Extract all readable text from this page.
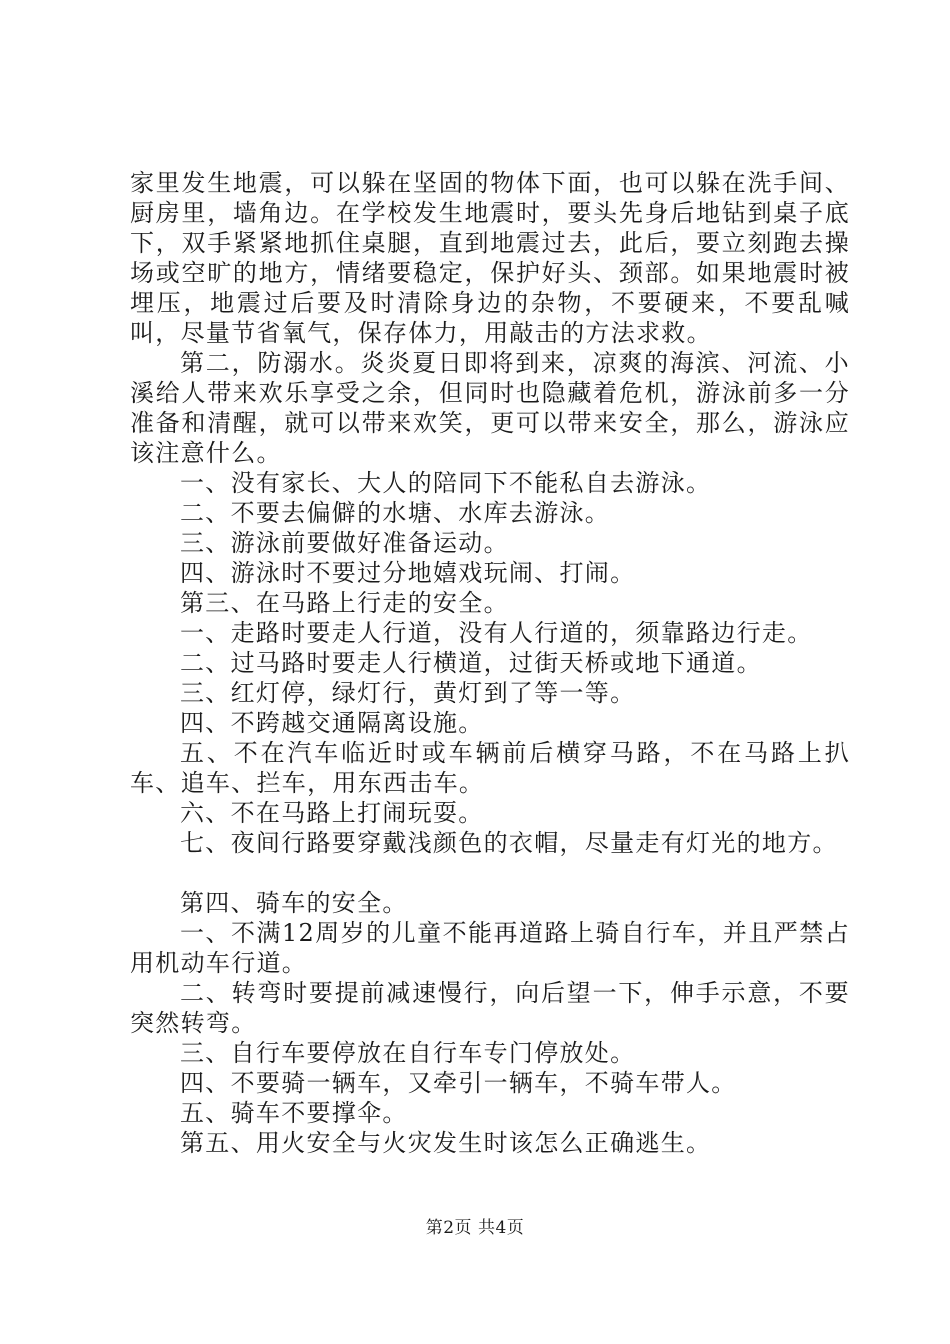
家里发生地震，可以躲在坚固的物体下面，也可以躲在洗手间、厨房里，墙角边。在学校发生地震时，要头先身后地钻到桌子底下，双手紧紧地抓住桌腿，直到地震过去，此后，要立刻跑去操场或空旷的地方，情绪要稳定，保护好头、颈部。如果地震时被埋压，地震过后要及时清除身边的杂物，不要硬来，不要乱喊叫，尽量节省氧气，保存体力，用敲击的方法求救。

第二，防溺水。炎炎夏日即将到来，凉爽的海滨、河流、小溪给人带来欢乐享受之余，但同时也隐藏着危机，游泳前多一分准备和清醒，就可以带来欢笑，更可以带来安全，那么，游泳应该注意什么。

一、没有家长、大人的陪同下不能私自去游泳。

二、不要去偏僻的水塘、水库去游泳。

三、游泳前要做好准备运动。

四、游泳时不要过分地嬉戏玩闹、打闹。

第三、在马路上行走的安全。

一、走路时要走人行道，没有人行道的，须靠路边行走。

二、过马路时要走人行横道，过街天桥或地下通道。

三、红灯停，绿灯行，黄灯到了等一等。

四、不跨越交通隔离设施。

五、不在汽车临近时或车辆前后横穿马路，不在马路上扒车、追车、拦车，用东西击车。

六、不在马路上打闹玩耍。

七、夜间行路要穿戴浅颜色的衣帽，尽量走有灯光的地方。

第四、骑车的安全。

一、不满12周岁的儿童不能再道路上骑自行车，并且严禁占用机动车行道。

二、转弯时要提前减速慢行，向后望一下，伸手示意，不要突然转弯。

三、自行车要停放在自行车专门停放处。

四、不要骑一辆车，又牵引一辆车，不骑车带人。

五、骑车不要撑伞。

第五、用火安全与火灾发生时该怎么正确逃生。

第2页 共4页
